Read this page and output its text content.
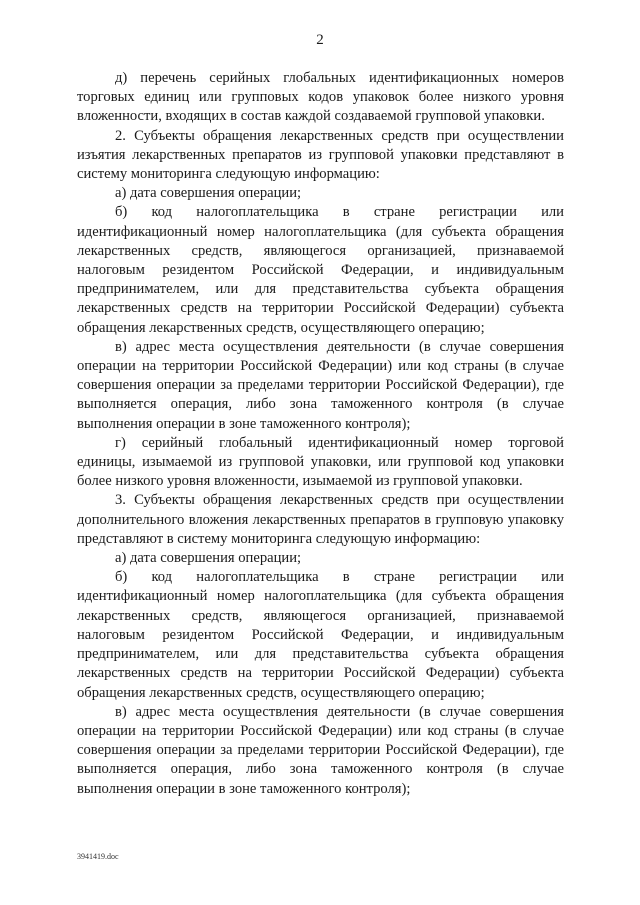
2

д) перечень серийных глобальных идентификационных номеров торговых единиц или групповых кодов упаковок более низкого уровня вложенности, входящих в состав каждой создаваемой групповой упаковки.

2. Субъекты обращения лекарственных средств при осуществлении изъятия лекарственных препаратов из групповой упаковки представляют в систему мониторинга следующую информацию:

а) дата совершения операции;

б) код налогоплательщика в стране регистрации или идентификационный номер налогоплательщика (для субъекта обращения лекарственных средств, являющегося организацией, признаваемой налоговым резидентом Российской Федерации, и индивидуальным предпринимателем, или для представительства субъекта обращения лекарственных средств на территории Российской Федерации) субъекта обращения лекарственных средств, осуществляющего операцию;

в) адрес места осуществления деятельности (в случае совершения операции на территории Российской Федерации) или код страны (в случае совершения операции за пределами территории Российской Федерации), где выполняется операция, либо зона таможенного контроля (в случае выполнения операции в зоне таможенного контроля);

г) серийный глобальный идентификационный номер торговой единицы, изымаемой из групповой упаковки, или групповой код упаковки более низкого уровня вложенности, изымаемой из групповой упаковки.

3. Субъекты обращения лекарственных средств при осуществлении дополнительного вложения лекарственных препаратов в групповую упаковку представляют в систему мониторинга следующую информацию:

а) дата совершения операции;

б) код налогоплательщика в стране регистрации или идентификационный номер налогоплательщика (для субъекта обращения лекарственных средств, являющегося организацией, признаваемой налоговым резидентом Российской Федерации, и индивидуальным предпринимателем, или для представительства субъекта обращения лекарственных средств на территории Российской Федерации) субъекта обращения лекарственных средств, осуществляющего операцию;

в) адрес места осуществления деятельности (в случае совершения операции на территории Российской Федерации) или код страны (в случае совершения операции за пределами территории Российской Федерации), где выполняется операция, либо зона таможенного контроля (в случае выполнения операции в зоне таможенного контроля);

3941419.doc
